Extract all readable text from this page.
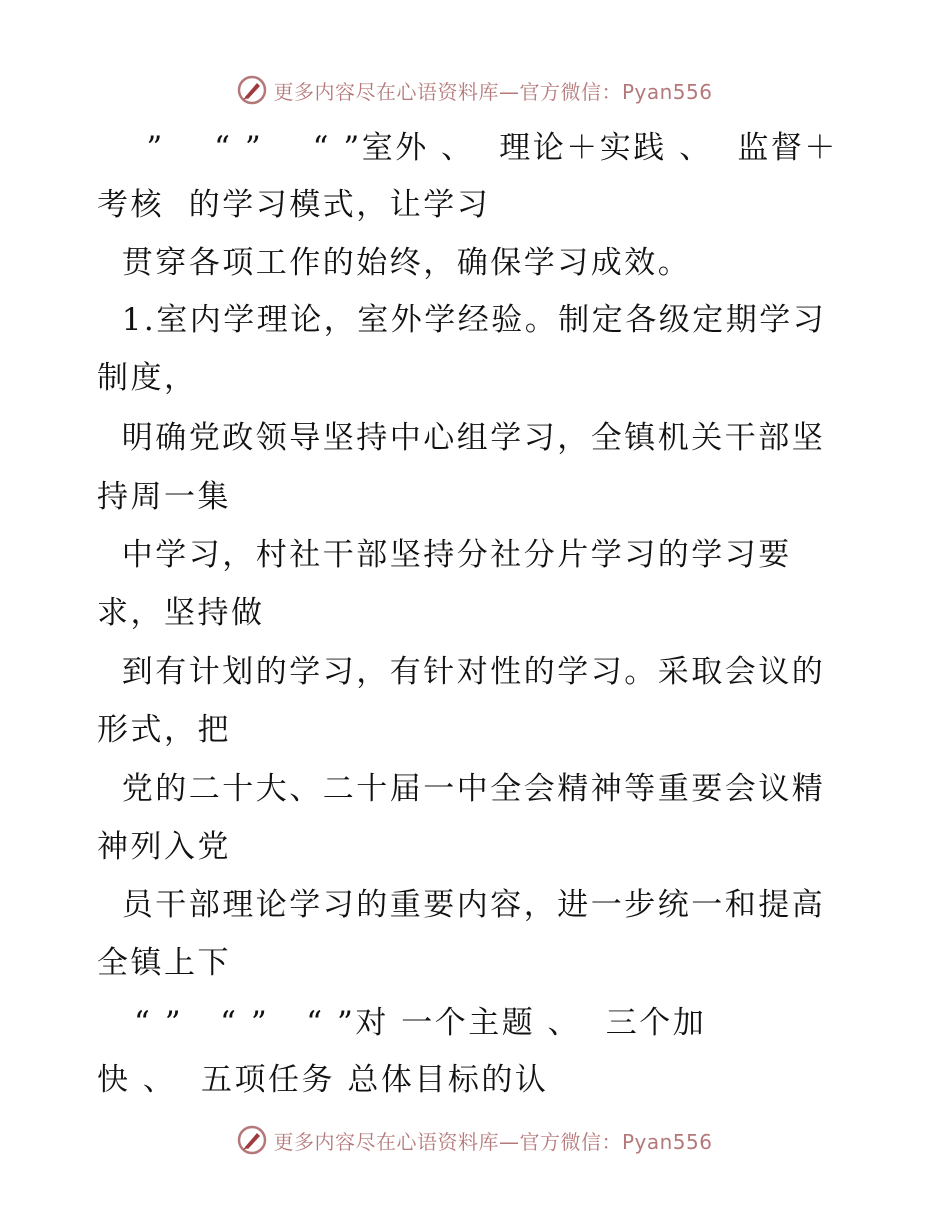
更多内容尽在心语资料库—官方微信：Pyan556
”    “ ”    “ ”室外 、  理论＋实践 、  监督＋
考核  的学习模式，让学习
贯穿各项工作的始终，确保学习成效。
1.室内学理论，室外学经验。制定各级定期学习
制度，
明确党政领导坚持中心组学习，全镇机关干部坚
持周一集
中学习，村社干部坚持分社分片学习的学习要
求，坚持做
到有计划的学习，有针对性的学习。采取会议的
形式，把
党的二十大、二十届一中全会精神等重要会议精
神列入党
员干部理论学习的重要内容，进一步统一和提高
全镇上下
“ ”   “ ”   “ ”对 一个主题 、  三个加
快 、  五项任务 总体目标的认
更多内容尽在心语资料库—官方微信：Pyan556
